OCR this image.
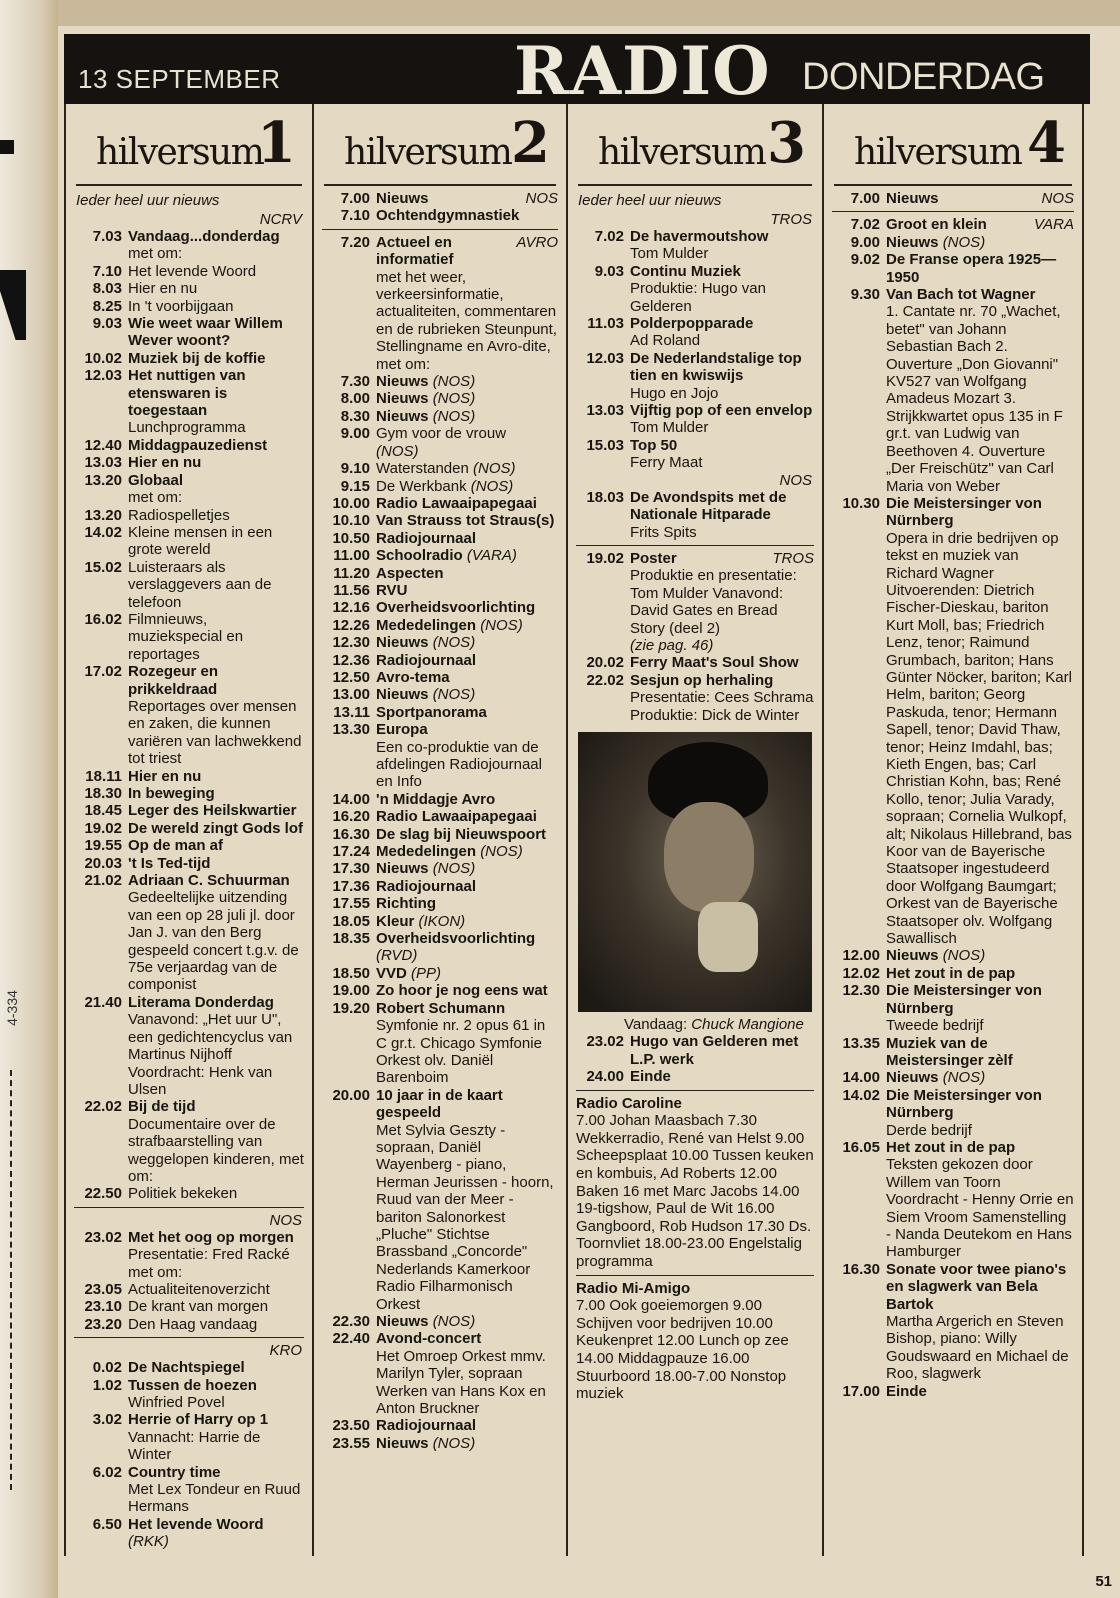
4-334
13 SEPTEMBER	RADIO DONDERDAG
hilversum
1
Ieder heel uur nieuws
NCRV
7.03 Vandaag...donderdag
met om:
7.10 Het levende Woord
8.03 Hier en nu
8.25 In 't voorbijgaan
9.03 Wie weet waar Willem Wever woont?
10.02 Muziek bij de koffie
12.03 Het nuttigen van etenswaren is toegestaan
Lunchprogramma
12.40 Middagpauzedienst
13.03 Hier en nu
13.20 Globaal
met om:
13.20 Radiospelletjes
14.02 Kleine mensen in een grote wereld
15.02 Luisteraars als verslaggevers aan de telefoon
16.02 Filmnieuws, muziekspecial en reportages
17.02 Rozegeur en prikkeldraad
Reportages over mensen en zaken, die kunnen variëren van lachwekkend tot triest
18.11 Hier en nu
18.30 In beweging
18.45 Leger des Heilskwartier
19.02 De wereld zingt Gods lof
19.55 Op de man af
20.03 't Is Ted-tijd
21.02 Adriaan C. Schuurman
Gedeeltelijke uitzending van een op 28 juli jl. door Jan J. van den Berg gespeeld concert t.g.v. de 75e verjaardag van de componist
21.40 Literama Donderdag
Vanavond: „Het uur U", een gedichtencyclus van Martinus Nijhoff Voordracht: Henk van Ulsen
22.02 Bij de tijd
Documentaire over de strafbaarstelling van weggelopen kinderen, met om:
22.50 Politiek bekeken
NOS
23.02 Met het oog op morgen
Presentatie: Fred Racké met om:
23.05 Actualiteitenoverzicht
23.10 De krant van morgen
23.20 Den Haag vandaag
KRO
0.02 De Nachtspiegel
1.02 Tussen de hoezen
Winfried Povel
3.02 Herrie of Harry op 1
Vannacht: Harrie de Winter
6.02 Country time
Met Lex Tondeur en Ruud Hermans
6.50 Het levende Woord
(RKK)
hilversum 2
7.00	NOS
Nieuws
7.10 Ochtendgymnastiek
7.20	AVRO
Actueel en informatief
met het weer, verkeersinformatie, actualiteiten, commentaren en de rubrieken Steunpunt, Stellingname en Avro-dite, met om:
7.30 Nieuws (NOS)
8.00 Nieuws (NOS)
8.30 Nieuws (NOS)
9.00 Gym voor de vrouw
(NOS)
9.10 Waterstanden (NOS)
9.15 De Werkbank (NOS)
10.00 Radio Lawaaipapegaai
10.10 Van Strauss tot Straus(s)
10.50 Radiojournaal
11.00 Schoolradio (VARA)
11.20 Aspecten
11.56 RVU
12.16 Overheidsvoorlichting
12.26 Mededelingen (NOS)
12.30 Nieuws (NOS)
12.36 Radiojournaal
12.50 Avro-tema
13.00 Nieuws (NOS)
13.11 Sportpanorama
13.30 Europa
Een co-produktie van de afdelingen Radiojournaal en Info
14.00 'n Middagje Avro
16.20 Radio Lawaaipapegaai
16.30 De slag bij Nieuwspoort
17.24 Mededelingen (NOS)
17.30 Nieuws (NOS)
17.36 Radiojournaal
17.55 Richting
18.05 Kleur (IKON)
18.35 Overheidsvoorlichting
(RVD)
18.50 VVD (PP)
19.00 Zo hoor je nog eens wat
19.20 Robert Schumann
Symfonie nr. 2 opus 61 in C gr.t. Chicago Symfonie Orkest olv. Daniël Barenboim
20.00 10 jaar in de kaart gespeeld
Met Sylvia Geszty - sopraan, Daniël Wayenberg - piano, Herman Jeurissen - hoorn, Ruud van der Meer - bariton Salonorkest „Pluche" Stichtse Brassband „Concorde" Nederlands Kamerkoor Radio Filharmonisch Orkest
22.30 Nieuws (NOS)
22.40 Avond-concert
Het Omroep Orkest mmv. Marilyn Tyler, sopraan Werken van Hans Kox en Anton Bruckner
23.50 Radiojournaal
23.55 Nieuws (NOS)
hilversum 3
Ieder heel uur nieuws
TROS
7.02 De havermoutshow
Tom Mulder
9.03 Continu Muziek
Produktie: Hugo van Gelderen
11.03 Polderpopparade
Ad Roland
12.03 De Nederlandstalige top tien en kwiswijs
Hugo en Jojo
13.03 Vijftig pop of een envelop
Tom Mulder
15.03 Top 50
Ferry Maat
NOS
18.03 De Avondspits met de Nationale Hitparade
Frits Spits
19.02	TROS
Poster
Produktie en presentatie: Tom Mulder Vanavond: David Gates en Bread Story (deel 2)
(zie pag. 46)
20.02 Ferry Maat's Soul Show
22.02 Sesjun op herhaling
Presentatie: Cees Schrama Produktie: Dick de Winter
Vandaag: Chuck Mangione
23.02 Hugo van Gelderen met L.P. werk
24.00 Einde
Radio Caroline
7.00 Johan Maasbach 7.30 Wekkerradio, René van Helst 9.00 Scheepsplaat 10.00 Tussen keuken en kombuis, Ad Roberts 12.00 Baken 16 met Marc Jacobs 14.00 19-tigshow, Paul de Wit 16.00 Gangboord, Rob Hudson 17.30 Ds. Toornvliet 18.00-23.00 Engelstalig programma
Radio Mi-Amigo
7.00 Ook goeiemorgen 9.00 Schijven voor bedrijven 10.00 Keukenpret 12.00 Lunch op zee 14.00 Middagpauze 16.00 Stuurboord 18.00-7.00 Nonstop muziek
hilversum 4
7.00	NOS
Nieuws
7.02	VARA
Groot en klein
9.00 Nieuws (NOS)
9.02 De Franse opera 1925—1950
9.30 Van Bach tot Wagner
1. Cantate nr. 70 „Wachet, betet" van Johann Sebastian Bach 2. Ouverture „Don Giovanni" KV527 van Wolfgang Amadeus Mozart 3. Strijkkwartet opus 135 in F gr.t. van Ludwig van Beethoven 4. Ouverture „Der Freischütz" van Carl Maria von Weber
10.30 Die Meistersinger von Nürnberg
Opera in drie bedrijven op tekst en muziek van Richard Wagner Uitvoerenden: Dietrich Fischer-Dieskau, bariton Kurt Moll, bas; Friedrich Lenz, tenor; Raimund Grumbach, bariton; Hans Günter Nöcker, bariton; Karl Helm, bariton; Georg Paskuda, tenor; Hermann Sapell, tenor; David Thaw, tenor; Heinz Imdahl, bas; Kieth Engen, bas; Carl Christian Kohn, bas; René Kollo, tenor; Julia Varady, sopraan; Cornelia Wulkopf, alt; Nikolaus Hillebrand, bas Koor van de Bayerische Staatsoper ingestudeerd door Wolfgang Baumgart; Orkest van de Bayerische Staatsoper olv. Wolfgang Sawallisch
12.00 Nieuws (NOS)
12.02 Het zout in de pap
12.30 Die Meistersinger von Nürnberg
Tweede bedrijf
13.35 Muziek van de Meistersinger zèlf
14.00 Nieuws (NOS)
14.02 Die Meistersinger von Nürnberg
Derde bedrijf
16.05 Het zout in de pap
Teksten gekozen door Willem van Toorn Voordracht - Henny Orrie en Siem Vroom Samenstelling - Nanda Deutekom en Hans Hamburger
16.30 Sonate voor twee piano's en slagwerk van Bela Bartok
Martha Argerich en Steven Bishop, piano: Willy Goudswaard en Michael de Roo, slagwerk
17.00 Einde
51
